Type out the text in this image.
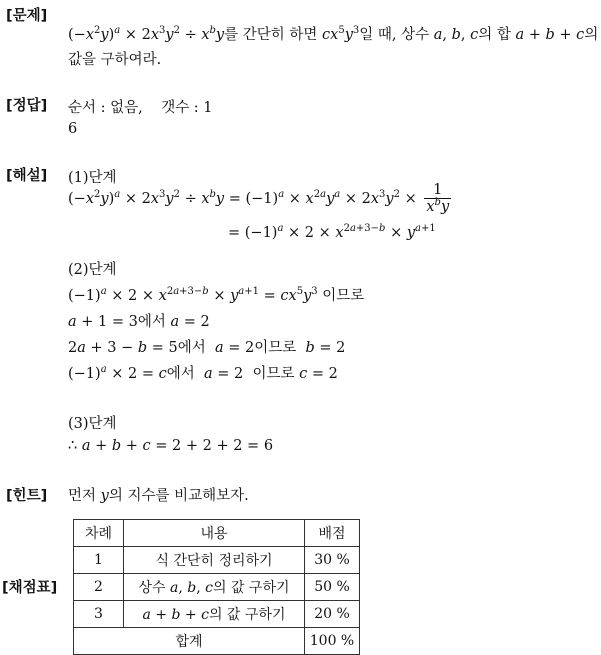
[문제]
$(-x^2y)^a \times 2x^3y^2 \div x^by$를 간단히 하면 $cx^5y^3$일 때, 상수 a, b, c의 합 a + b + c의
값을 구하여라.
[정답] 순서 : 없음, 갯수 : 1
6
[해설] (1)단계
$(-x^2y)^a \times 2x^3y^2 \div x^by = (-1)^a \times x^{2a}y^a \times 2x^3y^2 \times \frac{1}{x^by}$
= $(-1)^a \times 2 \times x^{2a+3-b} \times y^{a+1}$
(2)단계
$(-1)^a \times 2 \times x^{2a+3-b} \times y^{a+1} = cx^5y^3$ 이므로
a + 1 = 3에서 a = 2
2a + 3 − b = 5에서 a = 2이므로 b = 2
$(-1)^a \times 2 = c$에서 a = 2 이므로 c = 2
(3)단계
∴ a + b + c = 2 + 2 + 2 = 6
[힌트] 먼저 y의 지수를 비교해보자.
[채점표]
차례	내용	배점
1	식 간단히 정리하기	30 %
2	상수 a, b, c의 값 구하기	50 %
3	a + b + c의 값 구하기	20 %
합계		100 %
